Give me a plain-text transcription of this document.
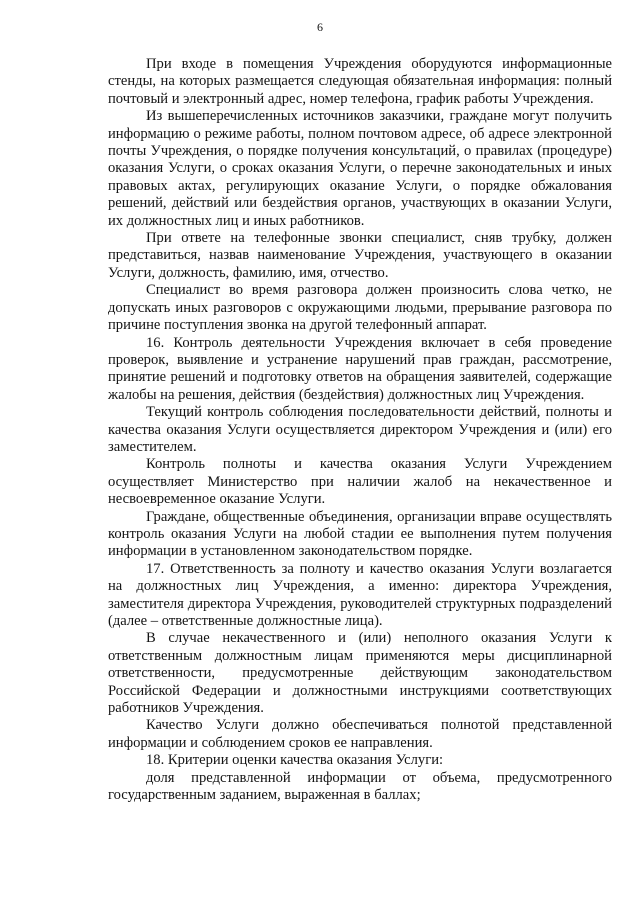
6

При входе в помещения Учреждения оборудуются информационные стенды, на которых размещается следующая обязательная информация: полный почтовый и электронный адрес, номер телефона, график работы Учреждения.

Из вышеперечисленных источников заказчики, граждане могут получить информацию о режиме работы, полном почтовом адресе, об адресе электронной почты Учреждения, о порядке получения консультаций, о правилах (процедуре) оказания Услуги, о сроках оказания Услуги, о перечне законодательных и иных правовых актах, регулирующих оказание Услуги, о порядке обжалования решений, действий или бездействия органов, участвующих в оказании Услуги, их должностных лиц и иных работников.

При ответе на телефонные звонки специалист, сняв трубку, должен представиться, назвав наименование Учреждения, участвующего в оказании Услуги, должность, фамилию, имя, отчество.

Специалист во время разговора должен произносить слова четко, не допускать иных разговоров с окружающими людьми, прерывание разговора по причине поступления звонка на другой телефонный аппарат.

16. Контроль деятельности Учреждения включает в себя проведение проверок, выявление и устранение нарушений прав граждан, рассмотрение, принятие решений и подготовку ответов на обращения заявителей, содержащие жалобы на решения, действия (бездействия) должностных лиц Учреждения.

Текущий контроль соблюдения последовательности действий, полноты и качества оказания Услуги осуществляется директором Учреждения и (или) его заместителем.

Контроль полноты и качества оказания Услуги Учреждением осуществляет Министерство при наличии жалоб на некачественное и несвоевременное оказание Услуги.

Граждане, общественные объединения, организации вправе осуществлять контроль оказания Услуги на любой стадии ее выполнения путем получения информации в установленном законодательством порядке.

17. Ответственность за полноту и качество оказания Услуги возлагается на должностных лиц Учреждения, а именно: директора Учреждения, заместителя директора Учреждения, руководителей структурных подразделений (далее – ответственные должностные лица).

В случае некачественного и (или) неполного оказания Услуги к ответственным должностным лицам применяются меры дисциплинарной ответственности, предусмотренные действующим законодательством Российской Федерации и должностными инструкциями соответствующих работников Учреждения.

Качество Услуги должно обеспечиваться полнотой представленной информации и соблюдением сроков ее направления.

18. Критерии оценки качества оказания Услуги:

доля представленной информации от объема, предусмотренного государственным заданием, выраженная в баллах;
